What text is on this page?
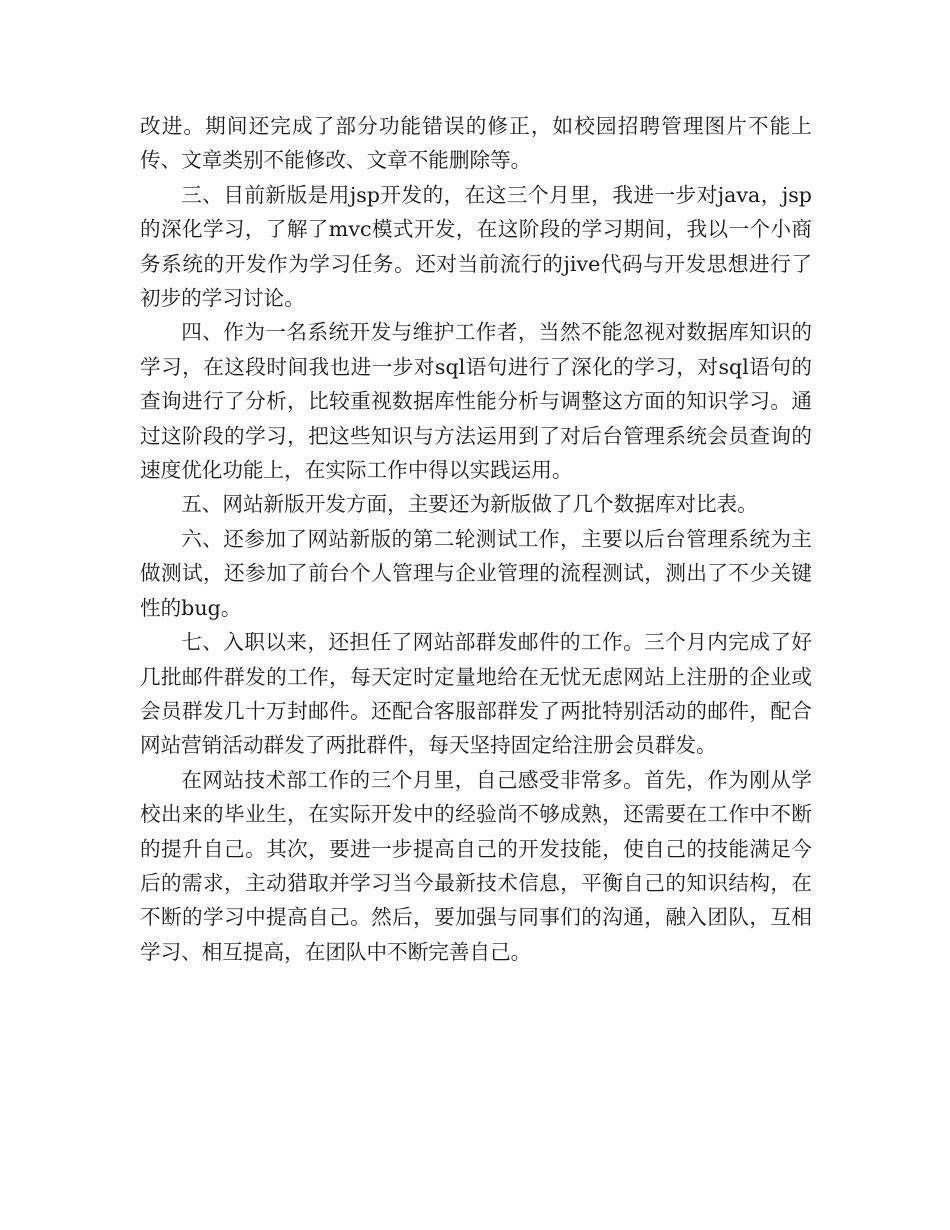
改进。期间还完成了部分功能错误的修正，如校园招聘管理图片不能上传、文章类别不能修改、文章不能删除等。

三、目前新版是用jsp开发的，在这三个月里，我进一步对java，jsp的深化学习，了解了mvc模式开发，在这阶段的学习期间，我以一个小商务系统的开发作为学习任务。还对当前流行的jive代码与开发思想进行了初步的学习讨论。

四、作为一名系统开发与维护工作者，当然不能忽视对数据库知识的学习，在这段时间我也进一步对sql语句进行了深化的学习，对sql语句的查询进行了分析，比较重视数据库性能分析与调整这方面的知识学习。通过这阶段的学习，把这些知识与方法运用到了对后台管理系统会员查询的速度优化功能上，在实际工作中得以实践运用。

五、网站新版开发方面，主要还为新版做了几个数据库对比表。

六、还参加了网站新版的第二轮测试工作，主要以后台管理系统为主做测试，还参加了前台个人管理与企业管理的流程测试，测出了不少关键性的bug。

七、入职以来，还担任了网站部群发邮件的工作。三个月内完成了好几批邮件群发的工作，每天定时定量地给在无忧无虑网站上注册的企业或会员群发几十万封邮件。还配合客服部群发了两批特别活动的邮件，配合网站营销活动群发了两批群件，每天坚持固定给注册会员群发。

在网站技术部工作的三个月里，自己感受非常多。首先，作为刚从学校出来的毕业生，在实际开发中的经验尚不够成熟，还需要在工作中不断的提升自己。其次，要进一步提高自己的开发技能，使自己的技能满足今后的需求，主动猎取并学习当今最新技术信息，平衡自己的知识结构，在不断的学习中提高自己。然后，要加强与同事们的沟通，融入团队，互相学习、相互提高，在团队中不断完善自己。
